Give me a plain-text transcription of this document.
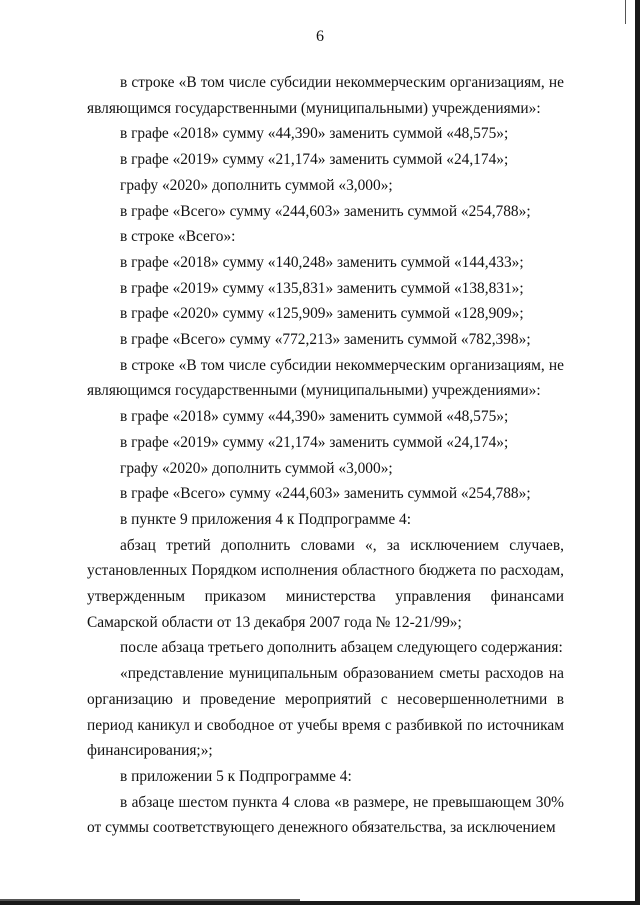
6

в строке «В том числе субсидии некоммерческим организациям, не являющимся государственными (муниципальными) учреждениями»:

в графе «2018» сумму «44,390» заменить суммой «48,575»;

в графе «2019» сумму «21,174» заменить суммой «24,174»;

графу «2020» дополнить суммой «3,000»;

в графе «Всего» сумму «244,603» заменить суммой «254,788»;

в строке «Всего»:

в графе «2018» сумму «140,248» заменить суммой «144,433»;

в графе «2019» сумму «135,831» заменить суммой «138,831»;

в графе «2020» сумму «125,909» заменить суммой «128,909»;

в графе «Всего» сумму «772,213» заменить суммой «782,398»;

в строке «В том числе субсидии некоммерческим организациям, не являющимся государственными (муниципальными) учреждениями»:

в графе «2018» сумму «44,390» заменить суммой «48,575»;

в графе «2019» сумму «21,174» заменить суммой «24,174»;

графу «2020» дополнить суммой «3,000»;

в графе «Всего» сумму «244,603» заменить суммой «254,788»;

в пункте 9 приложения 4 к Подпрограмме 4:

абзац третий дополнить словами «, за исключением случаев, установленных Порядком исполнения областного бюджета по расходам, утвержденным приказом министерства управления финансами Самарской области от 13 декабря 2007 года № 12-21/99»;

после абзаца третьего дополнить абзацем следующего содержания:

«представление муниципальным образованием сметы расходов на организацию и проведение мероприятий с несовершеннолетними в период каникул и свободное от учебы время с разбивкой по источникам финансирования;»;

в приложении 5 к Подпрограмме 4:

в абзаце шестом пункта 4 слова «в размере, не превышающем 30% от суммы соответствующего денежного обязательства, за исключением
